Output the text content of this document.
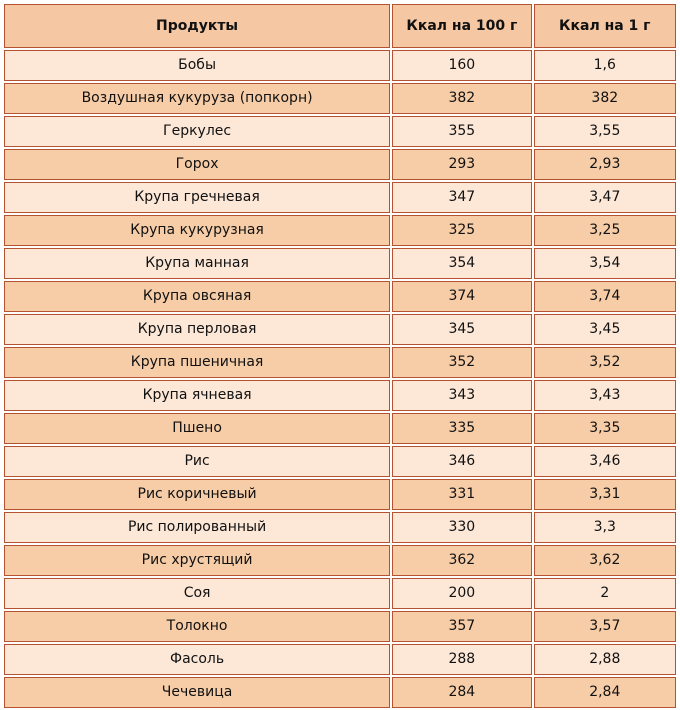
Продукты	Ккал на 100 г	Ккал на 1 г
Бобы	160	1,6
Воздушная кукуруза (попкорн)	382	382
Геркулес	355	3,55
Горох	293	2,93
Крупа гречневая	347	3,47
Крупа кукурузная	325	3,25
Крупа манная	354	3,54
Крупа овсяная	374	3,74
Крупа перловая	345	3,45
Крупа пшеничная	352	3,52
Крупа ячневая	343	3,43
Пшено	335	3,35
Рис	346	3,46
Рис коричневый	331	3,31
Рис полированный	330	3,3
Рис хрустящий	362	3,62
Соя	200	2
Толокно	357	3,57
Фасоль	288	2,88
Чечевица	284	2,84
